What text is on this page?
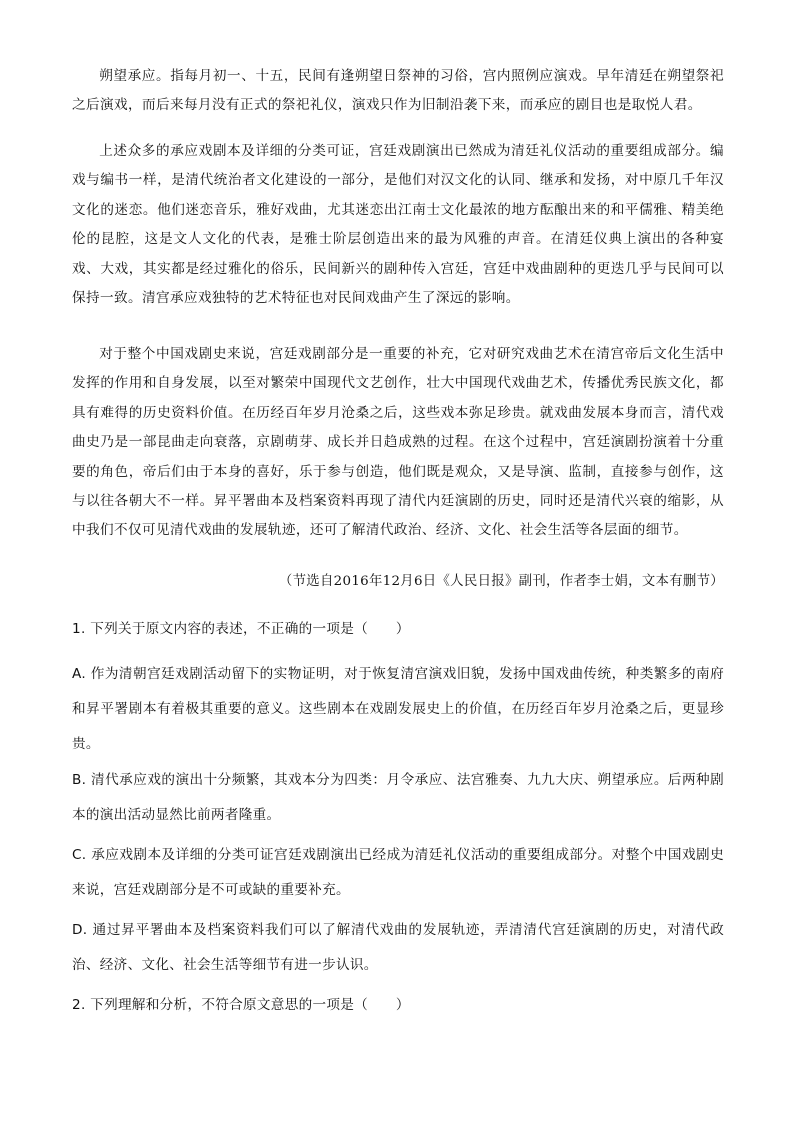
朔望承应。指每月初一、十五，民间有逢朔望日祭神的习俗，宫内照例应演戏。早年清廷在朔望祭祀之后演戏，而后来每月没有正式的祭祀礼仪，演戏只作为旧制沿袭下来，而承应的剧目也是取悦人君。

上述众多的承应戏剧本及详细的分类可证，宫廷戏剧演出已然成为清廷礼仪活动的重要组成部分。编戏与编书一样，是清代统治者文化建设的一部分，是他们对汉文化的认同、继承和发扬，对中原几千年汉文化的迷恋。他们迷恋音乐，雅好戏曲，尤其迷恋出江南士文化最浓的地方酝酿出来的和平儒雅、精美绝伦的昆腔，这是文人文化的代表，是雅士阶层创造出来的最为风雅的声音。在清廷仪典上演出的各种宴戏、大戏，其实都是经过雅化的俗乐，民间新兴的剧种传入宫廷，宫廷中戏曲剧种的更迭几乎与民间可以保持一致。清宫承应戏独特的艺术特征也对民间戏曲产生了深远的影响。

对于整个中国戏剧史来说，宫廷戏剧部分是一重要的补充，它对研究戏曲艺术在清宫帝后文化生活中发挥的作用和自身发展，以至对繁荣中国现代文艺创作，壮大中国现代戏曲艺术，传播优秀民族文化，都具有难得的历史资料价值。在历经百年岁月沧桑之后，这些戏本弥足珍贵。就戏曲发展本身而言，清代戏曲史乃是一部昆曲走向衰落，京剧萌芽、成长并日趋成熟的过程。在这个过程中，宫廷演剧扮演着十分重要的角色，帝后们由于本身的喜好，乐于参与创造，他们既是观众，又是导演、监制，直接参与创作，这与以往各朝大不一样。昇平署曲本及档案资料再现了清代内廷演剧的历史，同时还是清代兴衰的缩影，从中我们不仅可见清代戏曲的发展轨迹，还可了解清代政治、经济、文化、社会生活等各层面的细节。

（节选自2016年12月6日《人民日报》副刊，作者李士娟，文本有删节）

1. 下列关于原文内容的表述，不正确的一项是（　　）

A. 作为清朝宫廷戏剧活动留下的实物证明，对于恢复清宫演戏旧貌，发扬中国戏曲传统，种类繁多的南府和昇平署剧本有着极其重要的意义。这些剧本在戏剧发展史上的价值，在历经百年岁月沧桑之后，更显珍贵。

B. 清代承应戏的演出十分频繁，其戏本分为四类：月令承应、法宫雅奏、九九大庆、朔望承应。后两种剧本的演出活动显然比前两者隆重。

C. 承应戏剧本及详细的分类可证宫廷戏剧演出已经成为清廷礼仪活动的重要组成部分。对整个中国戏剧史来说，宫廷戏剧部分是不可或缺的重要补充。

D. 通过昇平署曲本及档案资料我们可以了解清代戏曲的发展轨迹，弄清清代宫廷演剧的历史，对清代政治、经济、文化、社会生活等细节有进一步认识。

2. 下列理解和分析，不符合原文意思的一项是（　　）
